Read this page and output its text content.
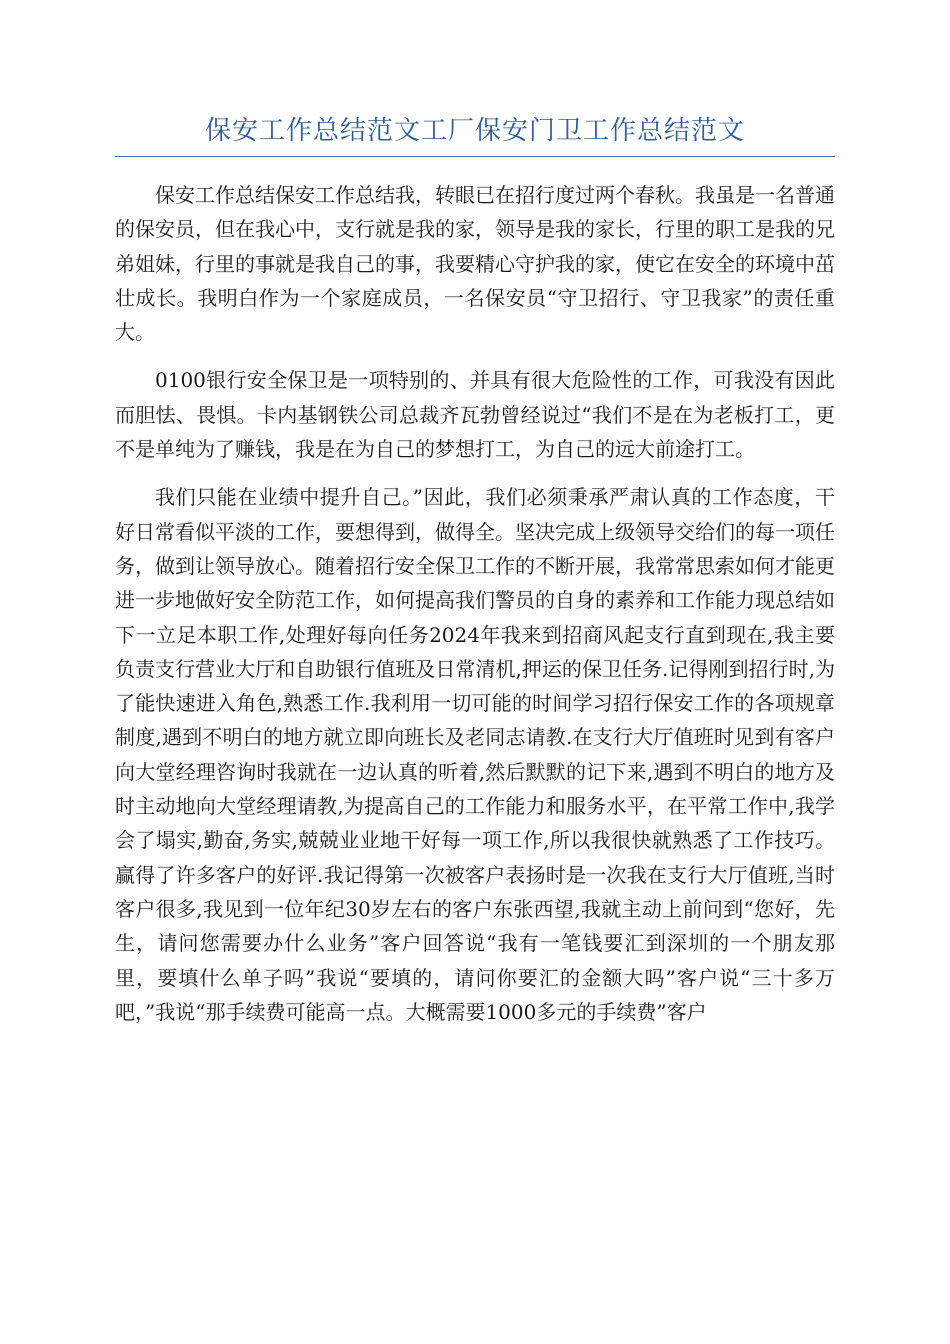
保安工作总结范文工厂保安门卫工作总结范文

保安工作总结保安工作总结我，转眼已在招行度过两个春秋。我虽是一名普通的保安员，但在我心中，支行就是我的家，领导是我的家长，行里的职工是我的兄弟姐妹，行里的事就是我自己的事，我要精心守护我的家，使它在安全的环境中茁壮成长。我明白作为一个家庭成员，一名保安员“守卫招行、守卫我家”的责任重大。

0100银行安全保卫是一项特别的、并具有很大危险性的工作，可我没有因此而胆怯、畏惧。卡内基钢铁公司总裁齐瓦勃曾经说过“我们不是在为老板打工，更不是单纯为了赚钱，我是在为自己的梦想打工，为自己的远大前途打工。

我们只能在业绩中提升自己。”因此，我们必须秉承严肃认真的工作态度，干好日常看似平淡的工作，要想得到，做得全。坚决完成上级领导交给们的每一项任务，做到让领导放心。随着招行安全保卫工作的不断开展，我常常思索如何才能更进一步地做好安全防范工作，如何提高我们警员的自身的素养和工作能力现总结如下一立足本职工作,处理好每向任务2024年我来到招商风起支行直到现在,我主要负责支行营业大厅和自助银行值班及日常清机,押运的保卫任务.记得刚到招行时,为了能快速进入角色,熟悉工作.我利用一切可能的时间学习招行保安工作的各项规章制度,遇到不明白的地方就立即向班长及老同志请教.在支行大厅值班时见到有客户向大堂经理咨询时我就在一边认真的听着,然后默默的记下来,遇到不明白的地方及时主动地向大堂经理请教,为提高自己的工作能力和服务水平，在平常工作中,我学会了塌实,勤奋,务实,兢兢业业地干好每一项工作,所以我很快就熟悉了工作技巧。赢得了许多客户的好评.我记得第一次被客户表扬时是一次我在支行大厅值班,当时客户很多,我见到一位年纪30岁左右的客户东张西望,我就主动上前问到“您好，先生，请问您需要办什么业务”客户回答说“我有一笔钱要汇到深圳的一个朋友那里，要填什么单子吗”我说“要填的，请问你要汇的金额大吗”客户说“三十多万吧，”我说“那手续费可能高一点。大概需要1000多元的手续费”客户
